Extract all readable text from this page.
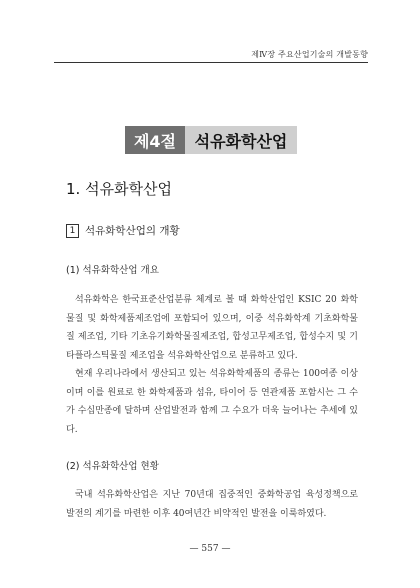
제Ⅳ장 주요산업기술의 개발동향
제4절	석유화학산업
1. 석유화학산업
1 석유화학산업의 개황
(1) 석유화학산업 개요

석유화학은 한국표준산업분류 체계로 볼 때 화학산업인 KSIC 20 화학물질 및 화학제품제조업에 포함되어 있으며, 이중 석유화학계 기초화학물질 제조업, 기타 기초유기화학물질제조업, 합성고무제조업, 합성수지 및 기타플라스틱물질 제조업을 석유화학산업으로 분류하고 있다.

현재 우리나라에서 생산되고 있는 석유화학제품의 종류는 100여종 이상이며 이를 원료로 한 화학제품과 섬유, 타이어 등 연관제품 포함시는 그 수가 수십만종에 달하며 산업발전과 함께 그 수요가 더욱 늘어나는 추세에 있다.

(2) 석유화학산업 현황

국내 석유화학산업은 지난 70년대 집중적인 중화학공업 육성정책으로 발전의 계기를 마련한 이후 40여년간 비약적인 발전을 이룩하였다.

— 557 —
